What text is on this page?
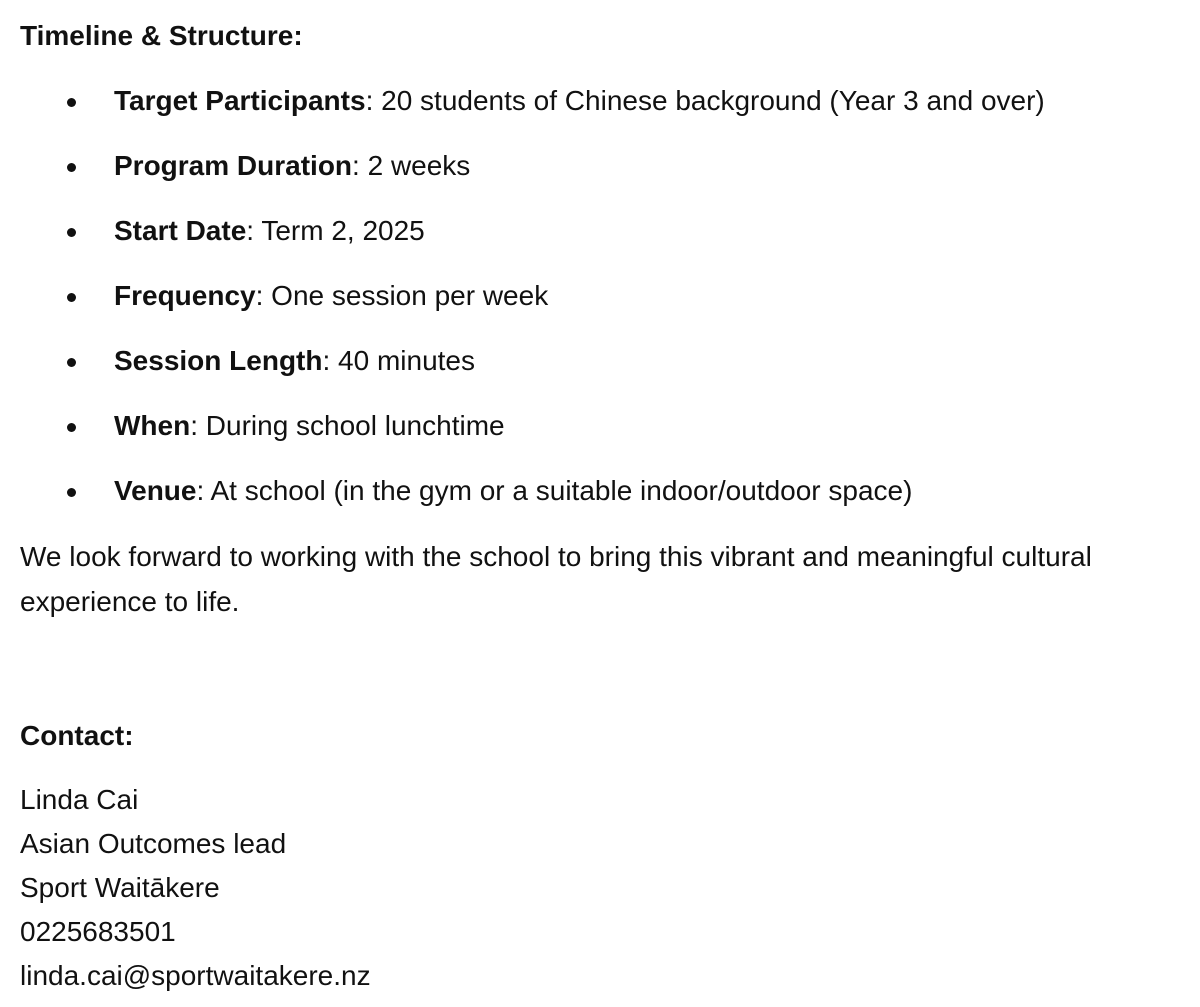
Timeline & Structure:

Target Participants: 20 students of Chinese background (Year 3 and over)
Program Duration: 2 weeks
Start Date: Term 2, 2025
Frequency: One session per week
Session Length: 40 minutes
When: During school lunchtime
Venue: At school (in the gym or a suitable indoor/outdoor space)

We look forward to working with the school to bring this vibrant and meaningful cultural experience to life.

Contact:

Linda Cai
Asian Outcomes lead
Sport Waitākere
0225683501
linda.cai@sportwaitakere.nz
